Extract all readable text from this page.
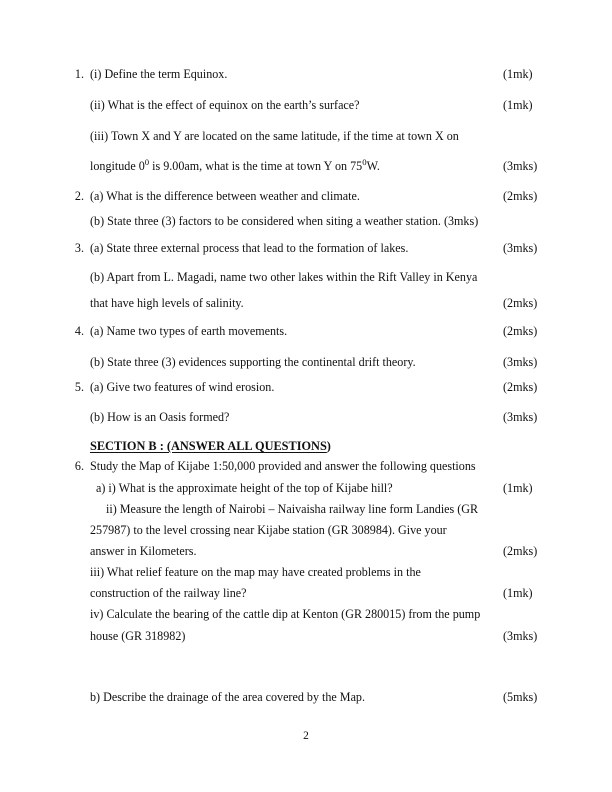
1. (i) Define the term Equinox.	(1mk)
(ii) What is the effect of equinox on the earth’s surface?	(1mk)
(iii) Town X and Y are located on the same latitude, if the time at town X on
longitude $0^0$ is 9.00am, what is the time at town Y on $75^0W$.	(3mks)
2. (a) What is the difference between weather and climate.	(2mks)
(b) State three (3) factors to be considered when siting a weather station. (3mks)
3. (a) State three external process that lead to the formation of lakes.	(3mks)
(b) Apart from L. Magadi, name two other lakes within the Rift Valley in Kenya
that have high levels of salinity.	(2mks)
4. (a) Name two types of earth movements.	(2mks)
(b) State three (3) evidences supporting the continental drift theory.	(3mks)
5. (a) Give two features of wind erosion.	(2mks)
(b) How is an Oasis formed?	(3mks)
SECTION B : (ANSWER ALL QUESTIONS)
6. Study the Map of Kijabe 1:50,000 provided and answer the following questions
a) i) What is the approximate height of the top of Kijabe hill?	(1mk)
ii) Measure the length of Nairobi – Naivaisha railway line form Landies (GR
257987) to the level crossing near Kijabe station (GR 308984). Give your
answer in Kilometers.	(2mks)
iii) What relief feature on the map may have created problems in the
construction of the railway line?	(1mk)
iv) Calculate the bearing of the cattle dip at Kenton (GR 280015) from the pump
house (GR 318982)	(3mks)
b) Describe the drainage of the area covered by the Map.	(5mks)
2
